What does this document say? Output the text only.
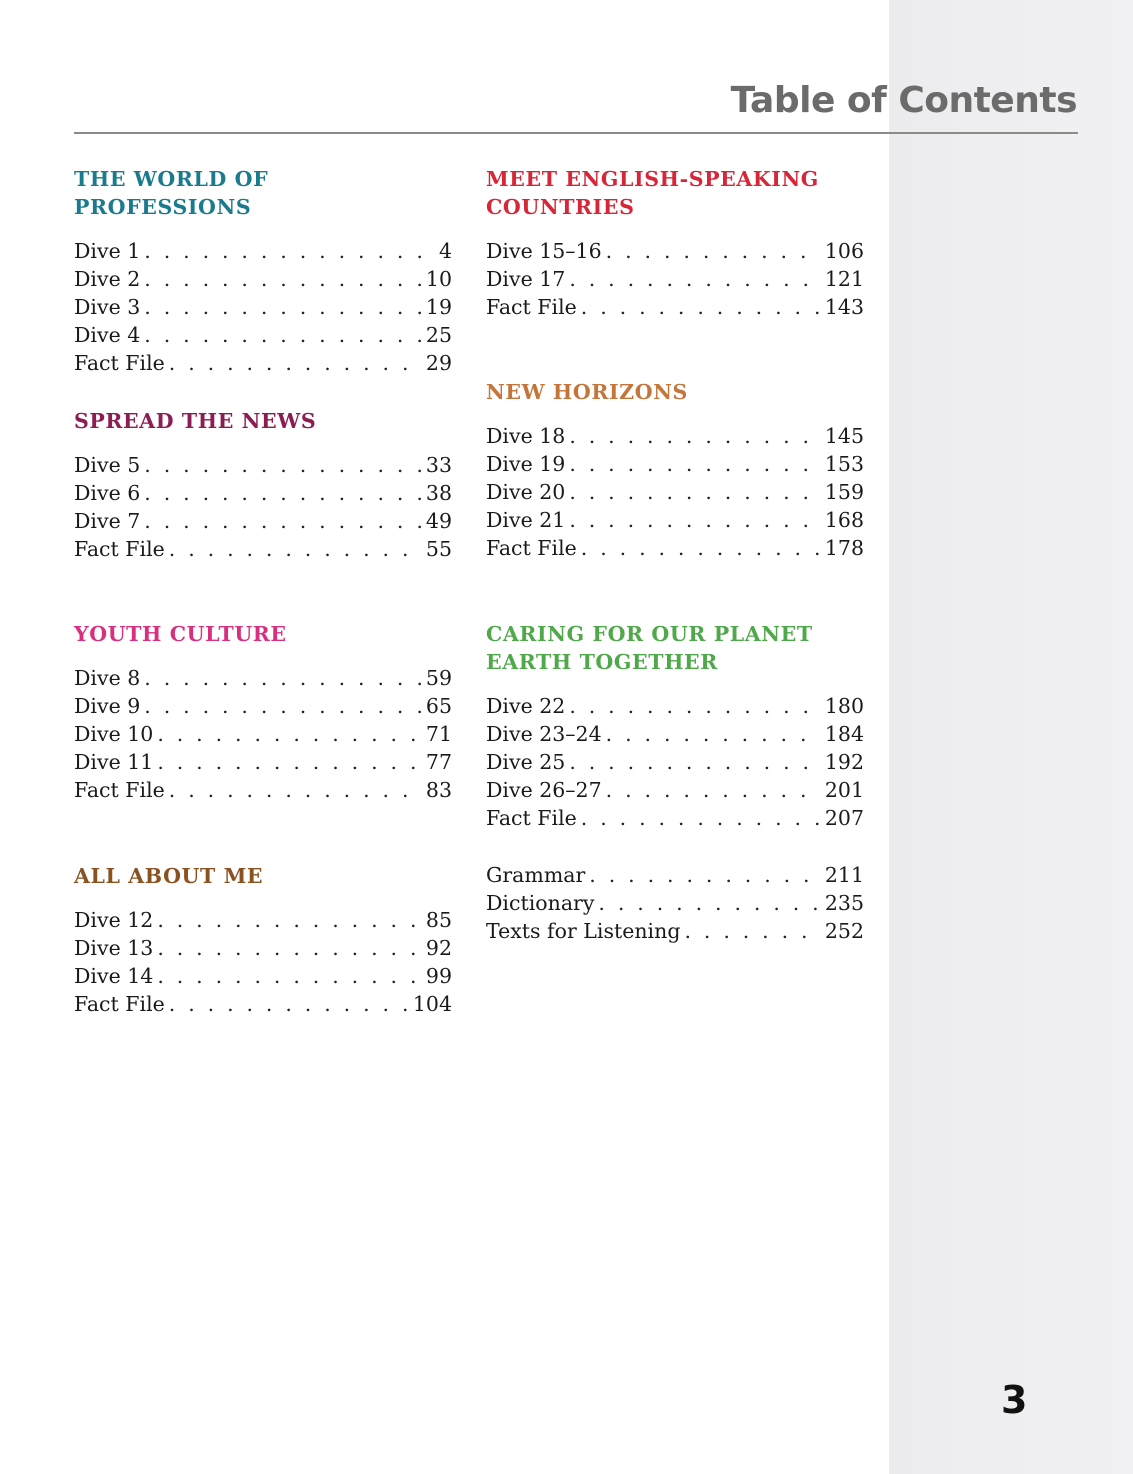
Table of Contents
THE WORLD OF PROFESSIONS
Dive 1 . . .	4
Dive 2 . . .	10
Dive 3 . . .	19
Dive 4 . . .	25
Fact File . . .	29
SPREAD THE NEWS
Dive 5 . . .	33
Dive 6 . . .	38
Dive 7 . . .	49
Fact File . . .	55
YOUTH CULTURE
Dive 8 . . .	59
Dive 9 . . .	65
Dive 10 . . .	71
Dive 11 . . .	77
Fact File . . .	83
ALL ABOUT ME
Dive 12 . . .	85
Dive 13 . . .	92
Dive 14 . . .	99
Fact File . . .	104
MEET ENGLISH-SPEAKING COUNTRIES
Dive 15–16 . . .	106
Dive 17 . . .	121
Fact File . . .	143
NEW HORIZONS
Dive 18 . . .	145
Dive 19 . . .	153
Dive 20 . . .	159
Dive 21 . . .	168
Fact File . . .	178
CARING FOR OUR PLANET EARTH TOGETHER
Dive 22 . . .	180
Dive 23–24 . . .	184
Dive 25 . . .	192
Dive 26–27 . . .	201
Fact File . . .	207
Grammar . . .	211
Dictionary . . .	235
Texts for Listening . . .	252
3
